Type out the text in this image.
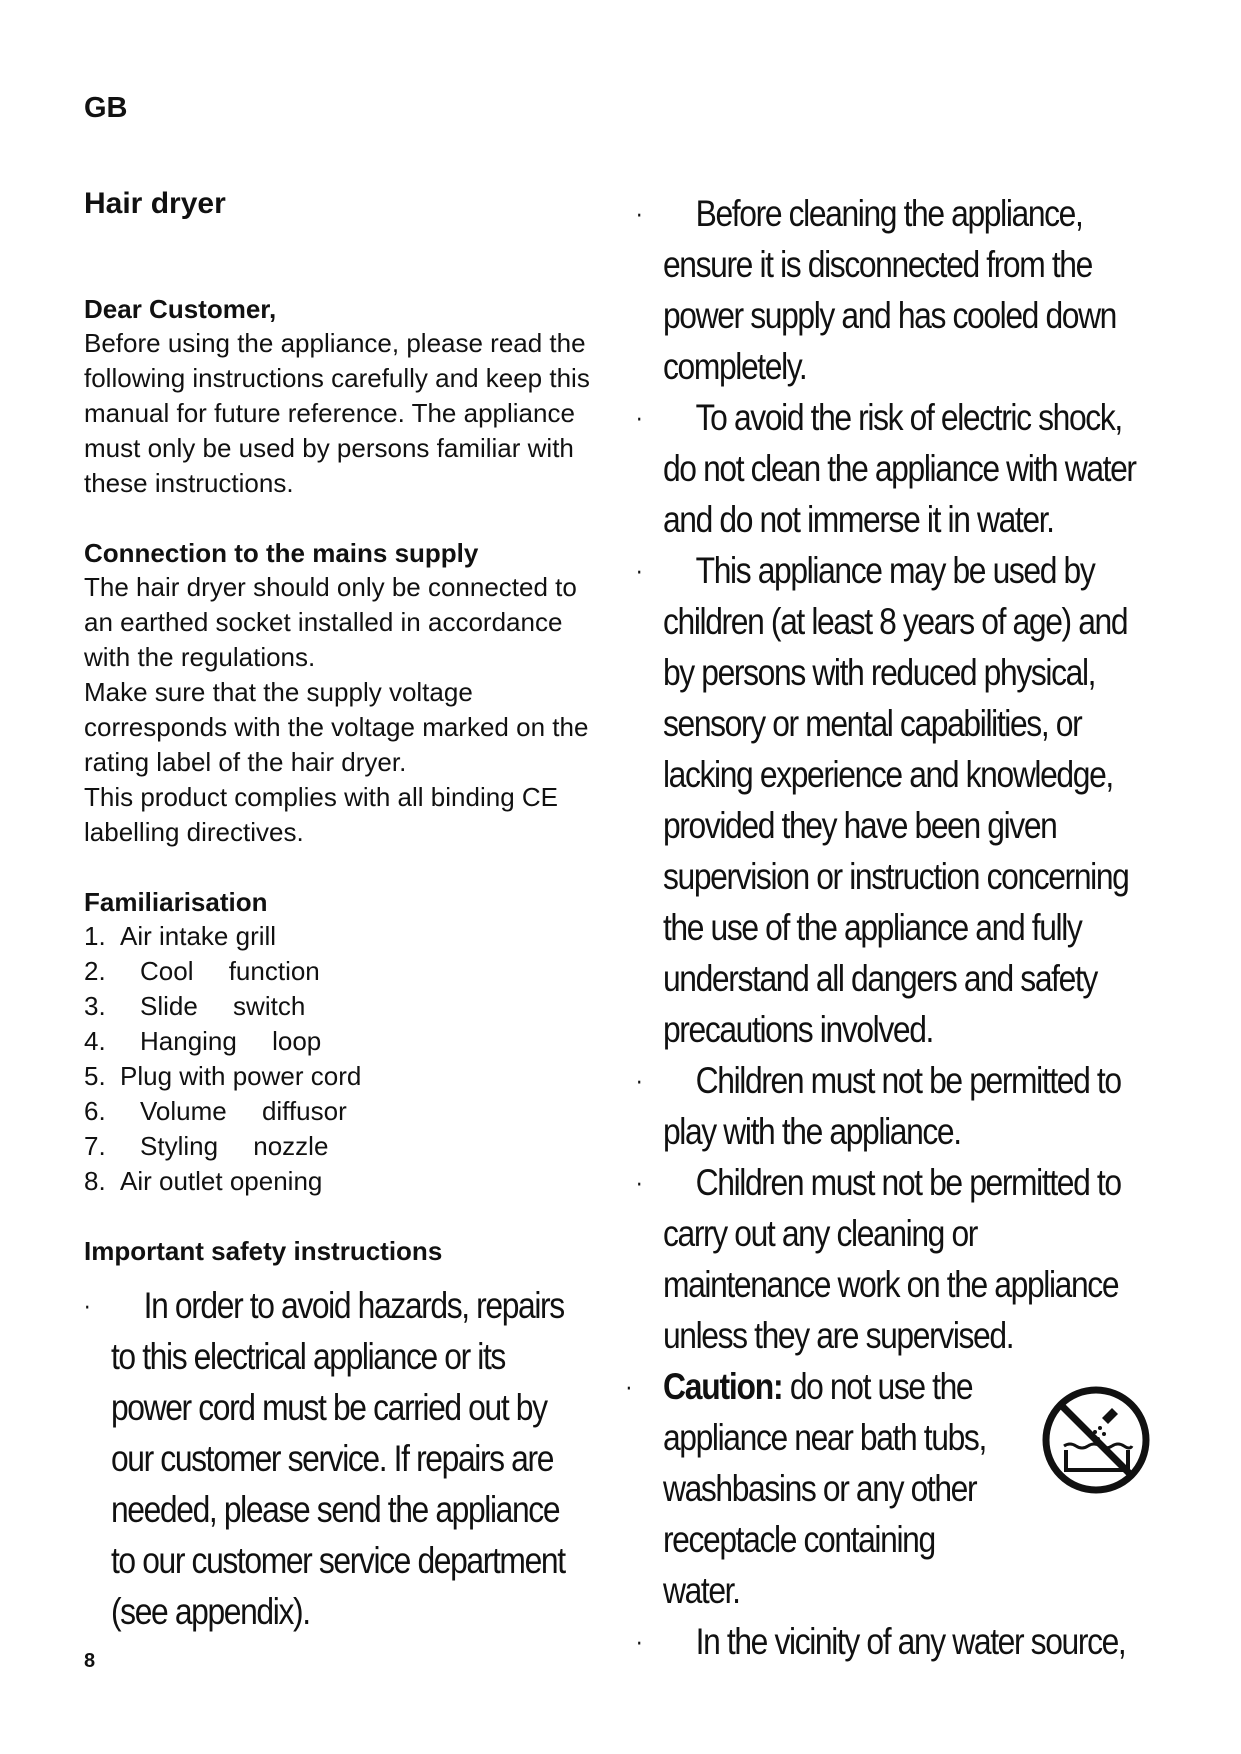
GB
Hair dryer

Dear Customer,

Before using the appliance, please read the
following instructions carefully and keep this
manual for future reference. The appliance
must only be used by persons familiar with
these instructions.

Connection to the mains supply

The hair dryer should only be connected to
an earthed socket installed in accordance
with the regulations.
Make sure that the supply voltage
corresponds with the voltage marked on the
rating label of the hair dryer.
This product complies with all binding CE
labelling directives.

Familiarisation

1. Air intake grill
2.	Cool function
3.	Slide switch
4.	Hanging loop
5. Plug with power cord
6.	Volume diffusor
7.	Styling nozzle
8. Air outlet opening

Important safety instructions

· In order to avoid hazards, repairs to this electrical appliance or its power cord must be carried out by our customer service. If repairs are needed, please send the appliance to our customer service department (see appendix).
· Before cleaning the appliance, ensure it is disconnected from the power supply and has cooled down completely.
· To avoid the risk of electric shock, do not clean the appliance with water and do not immerse it in water.
· This appliance may be used by children (at least 8 years of age) and by persons with reduced physical, sensory or mental capabilities, or lacking experience and knowledge, provided they have been given supervision or instruction concerning the use of the appliance and fully understand all dangers and safety precautions involved.
· Children must not be permitted to play with the appliance.
· Children must not be permitted to carry out any cleaning or maintenance work on the appliance unless they are supervised.
· Caution: do not use the appliance near bath tubs, washbasins or any other receptacle containing water.
· In the vicinity of any water source,
8
